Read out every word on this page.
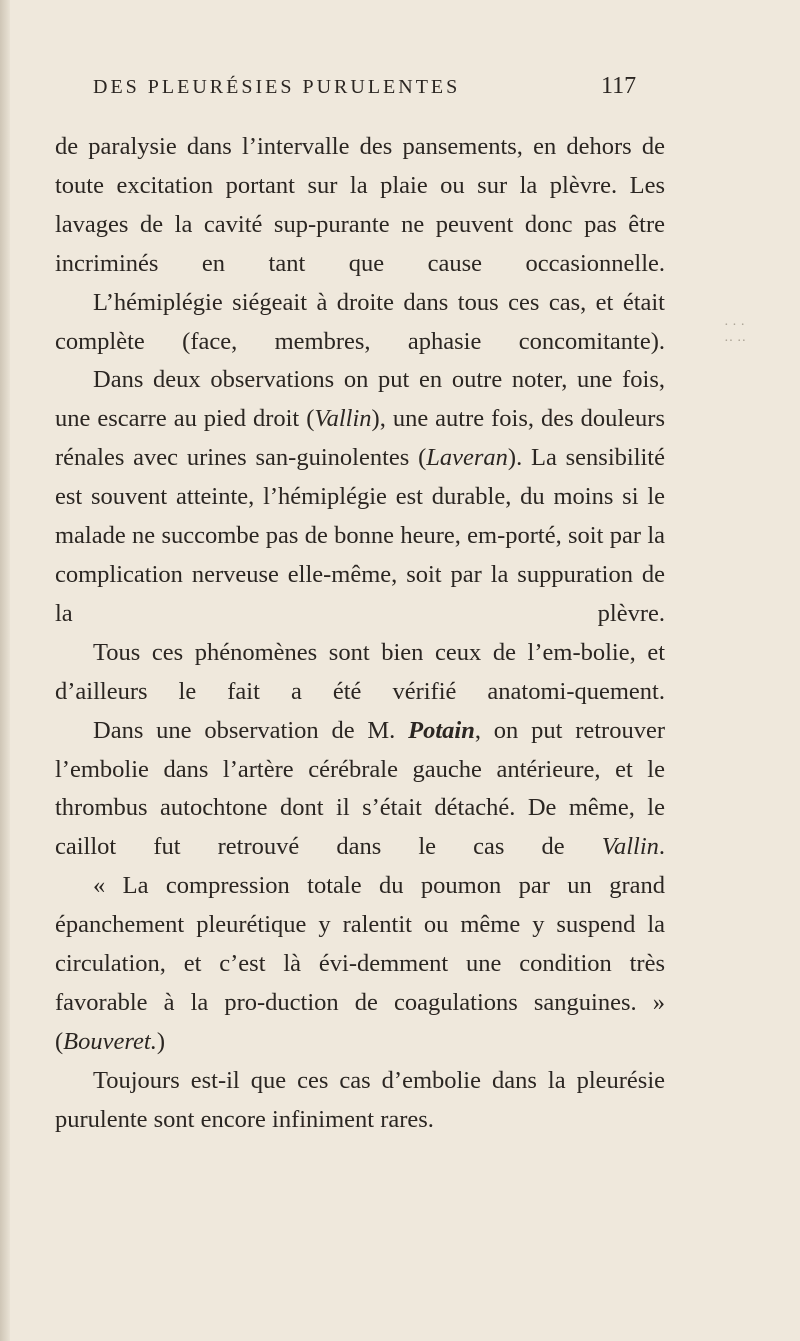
DES PLEURÉSIES PURULENTES	117

de paralysie dans l’intervalle des pansements, en dehors de toute excitation portant sur la plaie ou sur la plèvre. Les lavages de la cavité sup-purante ne peuvent donc pas être incriminés en tant que cause occasionnelle.

L’hémiplégie siégeait à droite dans tous ces cas, et était complète (face, membres, aphasie concomitante).

Dans deux observations on put en outre noter, une fois, une escarre au pied droit (Vallin), une autre fois, des douleurs rénales avec urines san-guinolentes (Laveran). La sensibilité est souvent atteinte, l’hémiplégie est durable, du moins si le malade ne succombe pas de bonne heure, em-porté, soit par la complication nerveuse elle-même, soit par la suppuration de la plèvre.

Tous ces phénomènes sont bien ceux de l’em-bolie, et d’ailleurs le fait a été vérifié anatomi-quement.

Dans une observation de M. Potain, on put retrouver l’embolie dans l’artère cérébrale gauche antérieure, et le thrombus autochtone dont il s’était détaché. De même, le caillot fut retrouvé dans le cas de Vallin.

« La compression totale du poumon par un grand épanchement pleurétique y ralentit ou même y suspend la circulation, et c’est là évi-demment une condition très favorable à la pro-duction de coagulations sanguines. » (Bouveret.)

Toujours est-il que ces cas d’embolie dans la pleurésie purulente sont encore infiniment rares.

· · ·
·· ··
